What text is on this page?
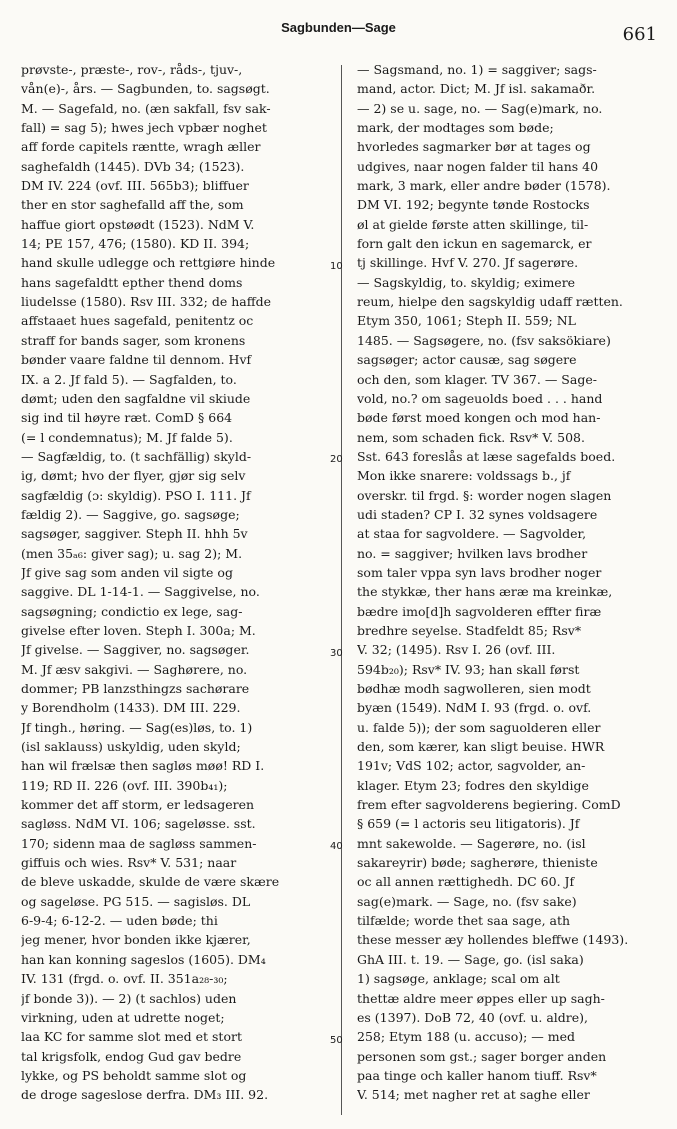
Sagbunden—Sage	661
prøvste-, præste-, rov-, råds-, tjuv-,
vån(e)-, års. — Sagbunden, to. sagsøgt.
M. — Sagefald, no. (æn sakfall, fsv sak-
fall) = sag 5); hwes jech vpbær noghet
aff forde capitels ræntte, wragh æller
saghefaldh (1445). DVb 34; (1523).
DM IV. 224 (ovf. III. 565b3); bliffuer
ther en stor saghefalld aff the, som
haffue giort opstøødt (1523). NdM V.
14; PE 157, 476; (1580). KD II. 394;
hand skulle udlegge och rettgiøre hinde
hans sagefaldtt epther thend doms
liudelsse (1580). Rsv III. 332; de haffde
affstaaet hues sagefald, penitentz oc
straff for bands sager, som kronens
bønder vaare faldne til dennom. Hvf
IX. a 2. Jf fald 5). — Sagfalden, to.
dømt; uden den sagfaldne vil skiude
sig ind til høyre ræt. ComD § 664
(= l condemnatus); M. Jf falde 5).
— Sagfældig, to. (t sachfällig) skyld-
ig, dømt; hvo der flyer, gjør sig selv
sagfældig (ɔ: skyldig). PSO I. 111. Jf
fældig 2). — Saggive, go. sagsøge;
sagsøger, saggiver. Steph II. hhh 5v
(men 35ₐ₆: giver sag); u. sag 2); M.
Jf give sag som anden vil sigte og
saggive. DL 1-14-1. — Saggivelse, no.
sagsøgning; condictio ex lege, sag-
givelse efter loven. Steph I. 300a; M.
Jf givelse. — Saggiver, no. sagsøger.
M. Jf æsv sakgivi. — Saghørere, no.
dommer; PB lanzsthingzs sachørare
y Borendholm (1433). DM III. 229.
Jf tingh., høring. — Sag(es)løs, to. 1)
(isl saklauss) uskyldig, uden skyld;
han wil frælsæ then sagløs møø! RD I.
119; RD II. 226 (ovf. III. 390b₄₁);
kommer det aff storm, er ledsageren
sagløss. NdM VI. 106; sageløsse. sst.
170; sidenn maa de sagløss sammen-
giffuis och wies. Rsv* V. 531; naar
de bleve uskadde, skulde de være skære
og sageløse. PG 515. — sagisløs. DL
6-9-4; 6-12-2. — uden bøde; thi
jeg mener, hvor bonden ikke kjærer,
han kan konning sageslos (1605). DM₄
IV. 131 (frgd. o. ovf. II. 351a₂₈-₃₀;
jf bonde 3)). — 2) (t sachlos) uden
virkning, uden at udrette noget;
laa KC for samme slot med et stort
tal krigsfolk, endog Gud gav bedre
lykke, og PS beholdt samme slot og
de droge sageslose derfra. DM₃ III. 92.
10
20
30
40
50
— Sagsmand, no. 1) = saggiver; sags-
mand, actor. Dict; M. Jf isl. sakamaðr.
— 2) se u. sage, no. — Sag(e)mark, no.
mark, der modtages som bøde;
hvorledes sagmarker bør at tages og
udgives, naar nogen falder til hans 40
mark, 3 mark, eller andre bøder (1578).
DM VI. 192; begynte tønde Rostocks
øl at gielde første atten skillinge, til-
forn galt den ickun en sagemarck, er
tj skillinge. Hvf V. 270. Jf sagerøre.
— Sagskyldig, to. skyldig; eximere
reum, hielpe den sagskyldig udaff rætten.
Etym 350, 1061; Steph II. 559; NL
1485. — Sagsøgere, no. (fsv saksökiare)
sagsøger; actor causæ, sag søgere
och den, som klager. TV 367. — Sage-
vold, no.? om sageuolds boed . . . hand
bøde først moed kongen och mod han-
nem, som schaden fick. Rsv* V. 508.
Sst. 643 foreslås at læse sagefalds boed.
Mon ikke snarere: voldssags b., jf
overskr. til frgd. §: worder nogen slagen
udi staden? CP I. 32 synes voldsagere
at staa for sagvoldere. — Sagvolder,
no. = saggiver; hvilken lavs brodher
som taler vppa syn lavs brodher noger
the stykkæ, ther hans æræ ma kreinkæ,
bædre imo[d]h sagvolderen effter firæ
bredhre seyelse. Stadfeldt 85; Rsv*
V. 32; (1495). Rsv I. 26 (ovf. III.
594b₂₀); Rsv* IV. 93; han skall først
bødhæ modh sagwolleren, sien modt
byæn (1549). NdM I. 93 (frgd. o. ovf.
u. falde 5)); der som saguolderen eller
den, som kærer, kan sligt beuise. HWR
191v; VdS 102; actor, sagvolder, an-
klager. Etym 23; fodres den skyldige
frem efter sagvolderens begiering. ComD
§ 659 (= l actoris seu litigatoris). Jf
mnt sakewolde. — Sagerøre, no. (isl
sakareyrir) bøde; sagherøre, thieniste
oc all annen rættighedh. DC 60. Jf
sag(e)mark. — Sage, no. (fsv sake)
tilfælde; worde thet saa sage, ath
these messer æy hollendes bleffwe (1493).
GhA III. t. 19. — Sage, go. (isl saka)
1) sagsøge, anklage; scal om alt
thettæ aldre meer øppes eller up sagh-
es (1397). DoB 72, 40 (ovf. u. aldre),
258; Etym 188 (u. accuso); — med
personen som gst.; sager borger anden
paa tinge och kaller hanom tiuff. Rsv*
V. 514; met nagher ret at saghe eller
